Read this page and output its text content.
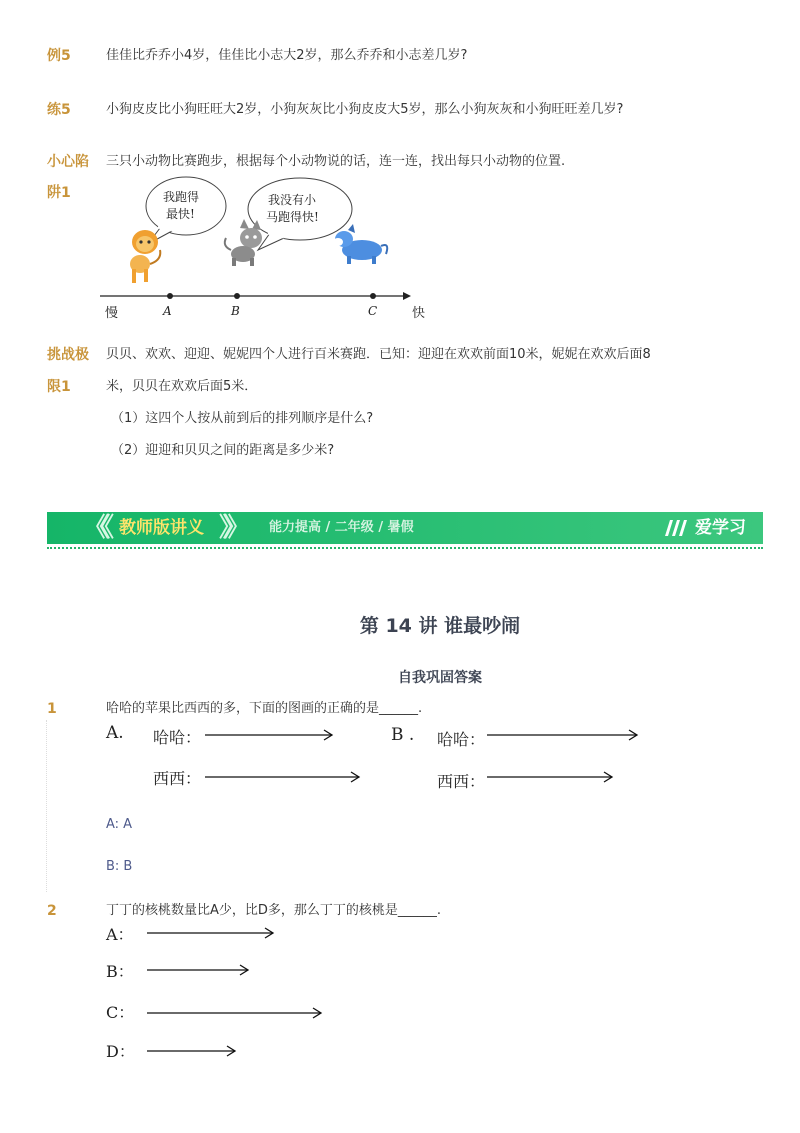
例5	佳佳比乔乔小4岁，佳佳比小志大2岁，那么乔乔和小志差几岁?
练5	小狗皮皮比小狗旺旺大2岁，小狗灰灰比小狗皮皮大5岁，那么小狗灰灰和小狗旺旺差几岁?
小心陷
阱1
三只小动物比赛跑步，根据每个小动物说的话，连一连，找出每只小动物的位置.
我跑得
最快!
我没有小
马跑得快!
慢	快
A	B	C
挑战极
限1
贝贝、欢欢、迎迎、妮妮四个人进行百米赛跑．已知：迎迎在欢欢前面10米，妮妮在欢欢后面8
米，贝贝在欢欢后面5米．
（1）这四个人按从前到后的排列顺序是什么?
（2）迎迎和贝贝之间的距离是多少米?
《《 教师版 讲义 》》 能力提高 / 二年级 / 暑假	爱学习
第 14 讲 谁最吵闹
自我巩固答案
1	哈哈的苹果比西西的多，下面的图画的正确的是______.
A. 哈哈：
西西：
B . 哈哈：
西西：
A: A
B: B
2	丁丁的核桃数量比A少，比D多，那么丁丁的核桃是______.
A：
B：
C：
D：
